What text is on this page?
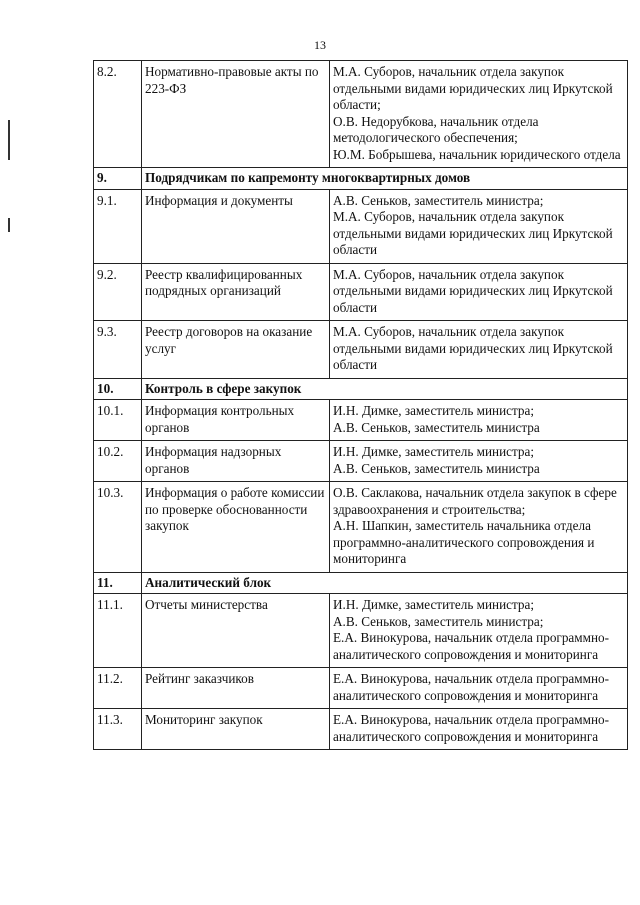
13
8.2.	Нормативно-правовые акты по 223-ФЗ	М.А. Суборов, начальник отдела закупок отдельными видами юридических лиц Иркутской области;
О.В. Недорубкова, начальник отдела методологического обеспечения;
Ю.М. Бобрышева, начальник юридического отдела

9.	Подрядчикам по капремонту многоквартирных домов	
9.1.	Информация и документы	А.В. Сеньков, заместитель министра;
М.А. Суборов, начальник отдела закупок отдельными видами юридических лиц Иркутской области

9.2.	Реестр квалифицированных подрядных организаций	М.А. Суборов, начальник отдела закупок отдельными видами юридических лиц Иркутской области

9.3.	Реестр договоров на оказание услуг	М.А. Суборов, начальник отдела закупок отдельными видами юридических лиц Иркутской области

10.	Контроль в сфере закупок	
10.1.	Информация контрольных органов	И.Н. Димке, заместитель министра;
А.В. Сеньков, заместитель министра

10.2.	Информация надзорных органов	И.Н. Димке, заместитель министра;
А.В. Сеньков, заместитель министра

10.3.	Информация о работе комиссии по проверке обоснованности закупок	О.В. Саклакова, начальник отдела закупок в сфере здравоохранения и строительства;
А.Н. Шапкин, заместитель начальника отдела программно-аналитического сопровождения и мониторинга

11.	Аналитический блок	
11.1.	Отчеты министерства	И.Н. Димке, заместитель министра;
А.В. Сеньков, заместитель министра;
Е.А. Винокурова, начальник отдела программно-аналитического сопровождения и мониторинга

11.2.	Рейтинг заказчиков	Е.А. Винокурова, начальник отдела программно-аналитического сопровождения и мониторинга

11.3.	Мониторинг закупок	Е.А. Винокурова, начальник отдела программно-аналитического сопровождения и мониторинга
